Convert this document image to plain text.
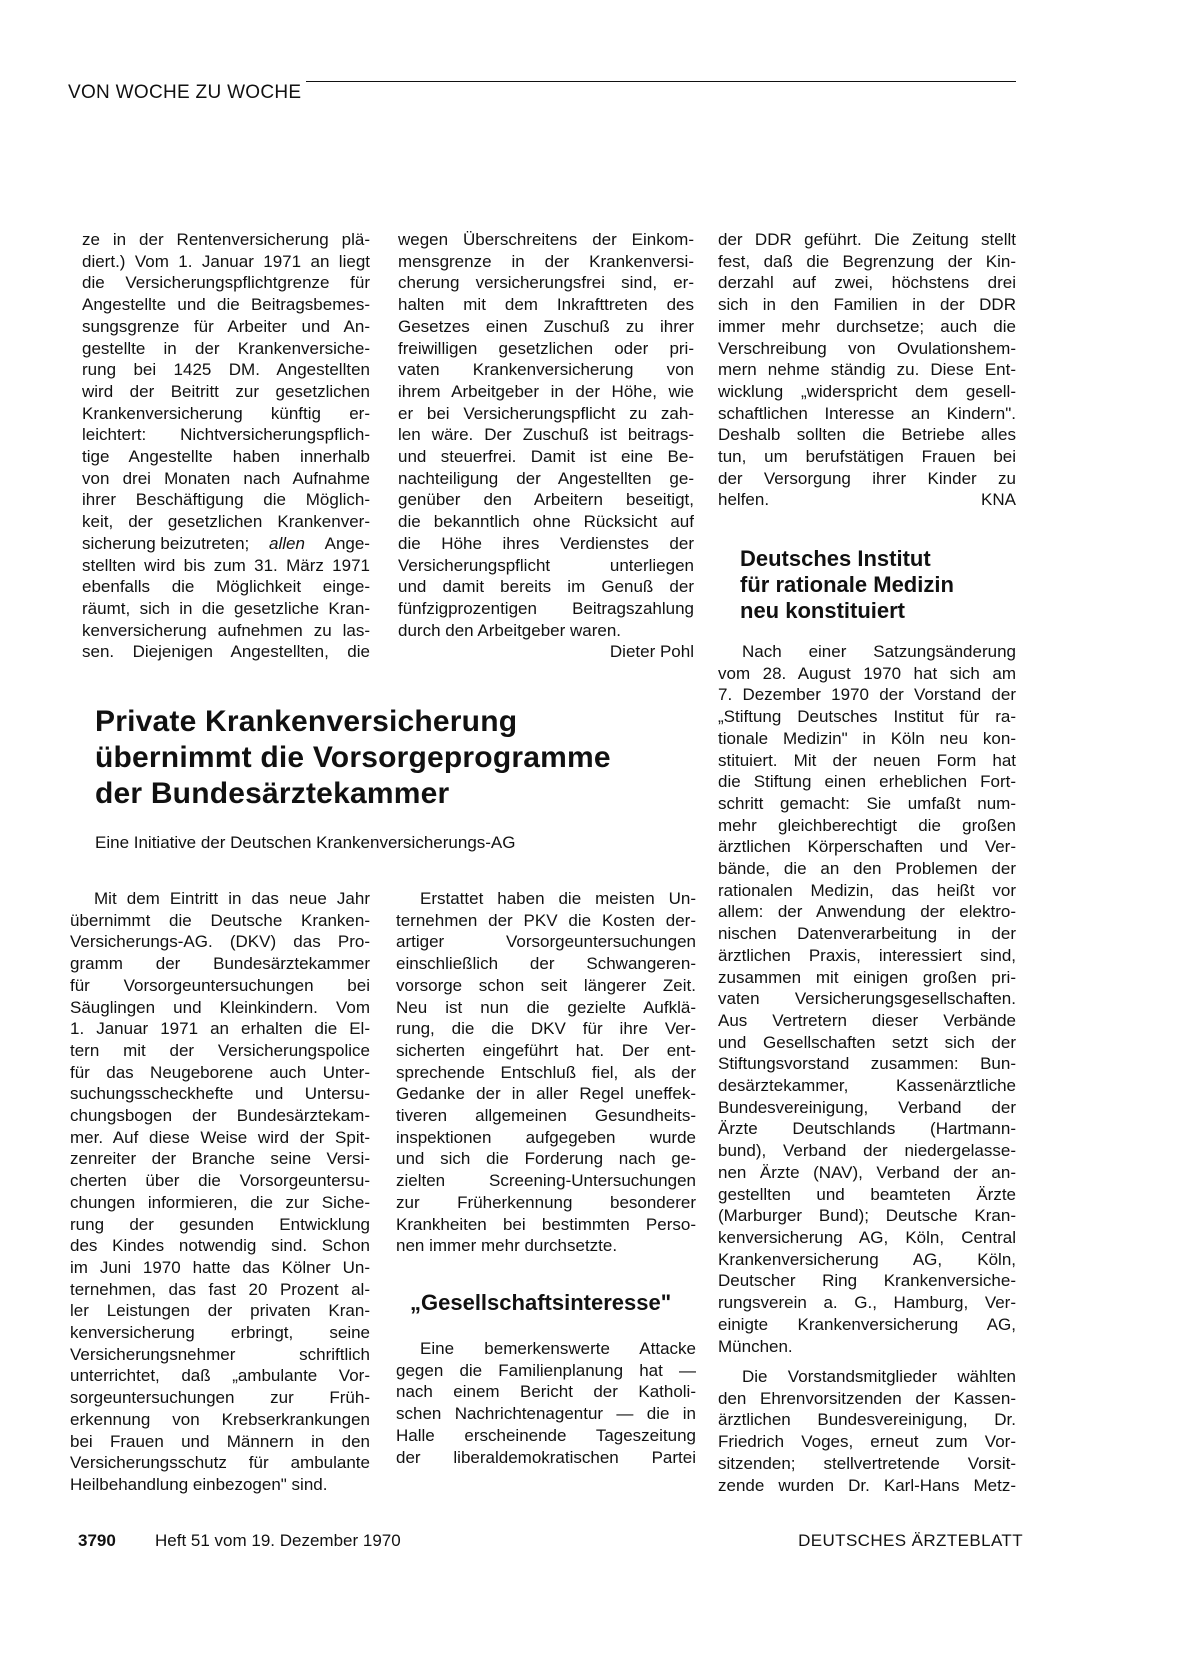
VON WOCHE ZU WOCHE
ze in der Rentenversicherung plä-
diert.) Vom 1. Januar 1971 an liegt
die Versicherungspflichtgrenze für
Angestellte und die Beitragsbemes-
sungsgrenze für Arbeiter und An-
gestellte in der Krankenversiche-
rung bei 1425 DM. Angestellten
wird der Beitritt zur gesetzlichen
Krankenversicherung künftig er-
leichtert: Nichtversicherungspflich-
tige Angestellte haben innerhalb
von drei Monaten nach Aufnahme
ihrer Beschäftigung die Möglich-
keit, der gesetzlichen Krankenver-
sicherung beizutreten; allen Ange-
stellten wird bis zum 31. März 1971
ebenfalls die Möglichkeit einge-
räumt, sich in die gesetzliche Kran-
kenversicherung aufnehmen zu las-
sen. Diejenigen Angestellten, die
wegen Überschreitens der Einkom-
mensgrenze in der Krankenversi-
cherung versicherungsfrei sind, er-
halten mit dem Inkrafttreten des
Gesetzes einen Zuschuß zu ihrer
freiwilligen gesetzlichen oder pri-
vaten Krankenversicherung von
ihrem Arbeitgeber in der Höhe, wie
er bei Versicherungspflicht zu zah-
len wäre. Der Zuschuß ist beitrags-
und steuerfrei. Damit ist eine Be-
nachteiligung der Angestellten ge-
genüber den Arbeitern beseitigt,
die bekanntlich ohne Rücksicht auf
die Höhe ihres Verdienstes der
Versicherungspflicht unterliegen
und damit bereits im Genuß der
fünfzigprozentigen Beitragszahlung
durch den Arbeitgeber waren.
Dieter Pohl
der DDR geführt. Die Zeitung stellt
fest, daß die Begrenzung der Kin-
derzahl auf zwei, höchstens drei
sich in den Familien in der DDR
immer mehr durchsetze; auch die
Verschreibung von Ovulationshem-
mern nehme ständig zu. Diese Ent-
wicklung „widerspricht dem gesell-
schaftlichen Interesse an Kindern".
Deshalb sollten die Betriebe alles
tun, um berufstätigen Frauen bei
der Versorgung ihrer Kinder zu
helfen.	KNA
Deutsches Institut
für rationale Medizin
neu konstituiert
Nach einer Satzungsänderung
vom 28. August 1970 hat sich am
7. Dezember 1970 der Vorstand der
„Stiftung Deutsches Institut für ra-
tionale Medizin" in Köln neu kon-
stituiert. Mit der neuen Form hat
die Stiftung einen erheblichen Fort-
schritt gemacht: Sie umfaßt num-
mehr gleichberechtigt die großen
ärztlichen Körperschaften und Ver-
bände, die an den Problemen der
rationalen Medizin, das heißt vor
allem: der Anwendung der elektro-
nischen Datenverarbeitung in der
ärztlichen Praxis, interessiert sind,
zusammen mit einigen großen pri-
vaten Versicherungsgesellschaften.
Aus Vertretern dieser Verbände
und Gesellschaften setzt sich der
Stiftungsvorstand zusammen: Bun-
desärztekammer, Kassenärztliche
Bundesvereinigung, Verband der
Ärzte Deutschlands (Hartmann-
bund), Verband der niedergelasse-
nen Ärzte (NAV), Verband der an-
gestellten und beamteten Ärzte
(Marburger Bund); Deutsche Kran-
kenversicherung AG, Köln, Central
Krankenversicherung AG, Köln,
Deutscher Ring Krankenversiche-
rungsverein a. G., Hamburg, Ver-
einigte Krankenversicherung AG,
München.
Die Vorstandsmitglieder wählten
den Ehrenvorsitzenden der Kassen-
ärztlichen Bundesvereinigung, Dr.
Friedrich Voges, erneut zum Vor-
sitzenden; stellvertretende Vorsit-
zende wurden Dr. Karl-Hans Metz-
Private Krankenversicherung
übernimmt die Vorsorgeprogramme
der Bundesärztekammer
Eine Initiative der Deutschen Krankenversicherungs-AG
Mit dem Eintritt in das neue Jahr
übernimmt die Deutsche Kranken-
Versicherungs-AG. (DKV) das Pro-
gramm der Bundesärztekammer
für Vorsorgeuntersuchungen bei
Säuglingen und Kleinkindern. Vom
1. Januar 1971 an erhalten die El-
tern mit der Versicherungspolice
für das Neugeborene auch Unter-
suchungsscheckhefte und Untersu-
chungsbogen der Bundesärztekam-
mer. Auf diese Weise wird der Spit-
zenreiter der Branche seine Versi-
cherten über die Vorsorgeuntersu-
chungen informieren, die zur Siche-
rung der gesunden Entwicklung
des Kindes notwendig sind. Schon
im Juni 1970 hatte das Kölner Un-
ternehmen, das fast 20 Prozent al-
ler Leistungen der privaten Kran-
kenversicherung erbringt, seine
Versicherungsnehmer schriftlich
unterrichtet, daß „ambulante Vor-
sorgeuntersuchungen zur Früh-
erkennung von Krebserkrankungen
bei Frauen und Männern in den
Versicherungsschutz für ambulante
Heilbehandlung einbezogen" sind.
Erstattet haben die meisten Un-
ternehmen der PKV die Kosten der-
artiger Vorsorgeuntersuchungen
einschließlich der Schwangeren-
vorsorge schon seit längerer Zeit.
Neu ist nun die gezielte Aufklä-
rung, die die DKV für ihre Ver-
sicherten eingeführt hat. Der ent-
sprechende Entschluß fiel, als der
Gedanke der in aller Regel uneffek-
tiveren allgemeinen Gesundheits-
inspektionen aufgegeben wurde
und sich die Forderung nach ge-
zielten Screening-Untersuchungen
zur Früherkennung besonderer
Krankheiten bei bestimmten Perso-
nen immer mehr durchsetzte.
„Gesellschaftsinteresse"
Eine bemerkenswerte Attacke
gegen die Familienplanung hat —
nach einem Bericht der Katholi-
schen Nachrichtenagentur — die in
Halle erscheinende Tageszeitung
der liberaldemokratischen Partei
3790 Heft 51 vom 19. Dezember 1970	DEUTSCHES ÄRZTEBLATT
